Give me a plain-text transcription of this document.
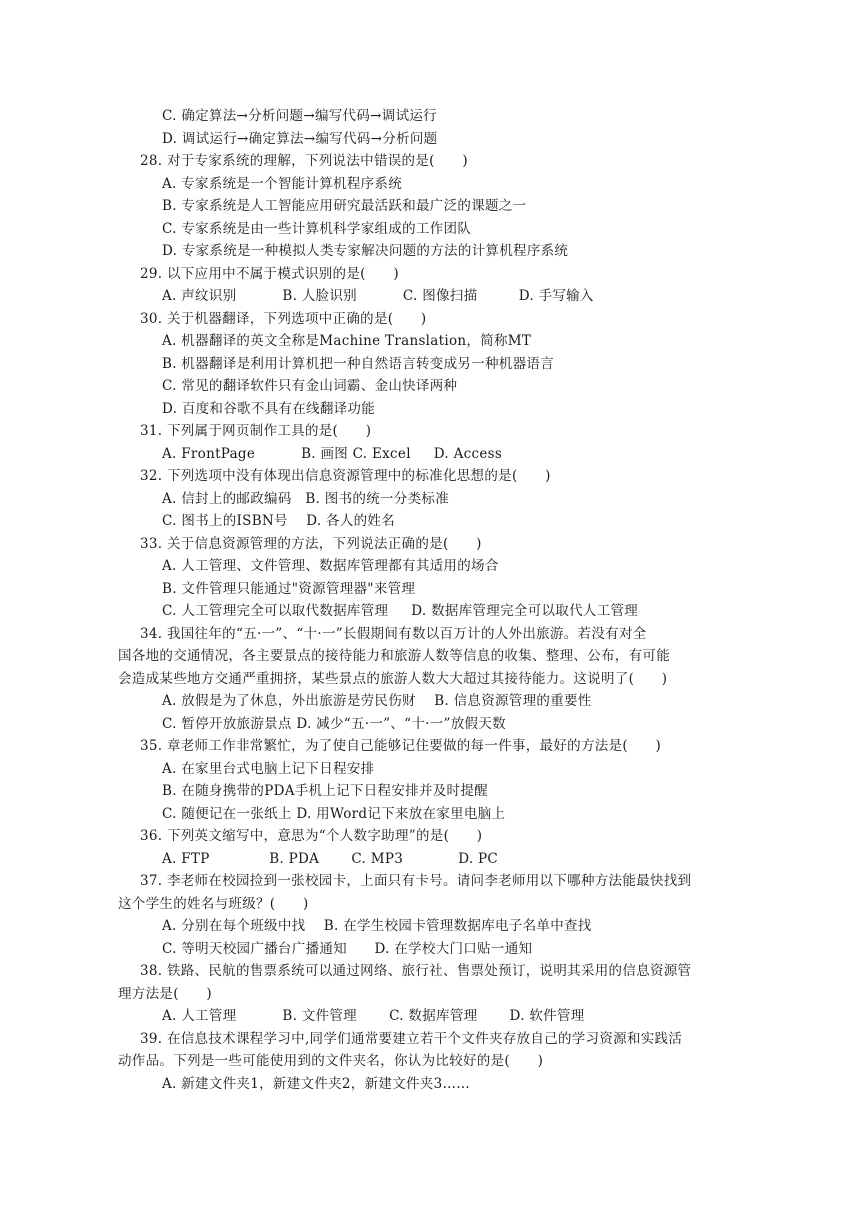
C. 确定算法→分析问题→编写代码→调试运行
D. 调试运行→确定算法→编写代码→分析问题
28. 对于专家系统的理解，下列说法中错误的是(　　)
A. 专家系统是一个智能计算机程序系统
B. 专家系统是人工智能应用研究最活跃和最广泛的课题之一
C. 专家系统是由一些计算机科学家组成的工作团队
D. 专家系统是一种模拟人类专家解决问题的方法的计算机程序系统
29. 以下应用中不属于模式识别的是(　　)
A. 声纹识别          B. 人脸识别          C. 图像扫描         D. 手写输入
30. 关于机器翻译，下列选项中正确的是(　　)
A. 机器翻译的英文全称是Machine Translation，简称MT
B. 机器翻译是利用计算机把一种自然语言转变成另一种机器语言
C. 常见的翻译软件只有金山词霸、金山快译两种
D. 百度和谷歌不具有在线翻译功能
31. 下列属于网页制作工具的是(　　)
A. FrontPage          B. 画图 C. Excel     D. Access
32. 下列选项中没有体现出信息资源管理中的标准化思想的是(　　)
A. 信封上的邮政编码   B. 图书的统一分类标准
C. 图书上的ISBN号    D. 各人的姓名
33. 关于信息资源管理的方法，下列说法正确的是(　　)
A. 人工管理、文件管理、数据库管理都有其适用的场合
B. 文件管理只能通过"资源管理器"来管理
C. 人工管理完全可以取代数据库管理     D. 数据库管理完全可以取代人工管理
34. 我国往年的“五·一”、“十·一”长假期间有数以百万计的人外出旅游。若没有对全
国各地的交通情况，各主要景点的接待能力和旅游人数等信息的收集、整理、公布，有可能
会造成某些地方交通严重拥挤，某些景点的旅游人数大大超过其接待能力。这说明了(　　)
A. 放假是为了休息，外出旅游是劳民伤财    B. 信息资源管理的重要性
C. 暂停开放旅游景点 D. 减少“五·一”、“十·一”放假天数
35. 章老师工作非常繁忙，为了使自己能够记住要做的每一件事，最好的方法是(　　)
A. 在家里台式电脑上记下日程安排
B. 在随身携带的PDA手机上记下日程安排并及时提醒
C. 随便记在一张纸上 D. 用Word记下来放在家里电脑上
36. 下列英文缩写中，意思为“个人数字助理”的是(　　)
A. FTP             B. PDA       C. MP3            D. PC
37. 李老师在校园捡到一张校园卡，上面只有卡号。请问李老师用以下哪种方法能最快找到
这个学生的姓名与班级？(　　)
A. 分别在每个班级中找    B. 在学生校园卡管理数据库电子名单中查找
C. 等明天校园广播台广播通知      D. 在学校大门口贴一通知
38. 铁路、民航的售票系统可以通过网络、旅行社、售票处预订，说明其采用的信息资源管
理方法是(　　)
A. 人工管理          B. 文件管理       C. 数据库管理       D. 软件管理
39. 在信息技术课程学习中,同学们通常要建立若干个文件夹存放自己的学习资源和实践活
动作品。下列是一些可能使用到的文件夹名，你认为比较好的是(　　)
A. 新建文件夹1，新建文件夹2，新建文件夹3……
